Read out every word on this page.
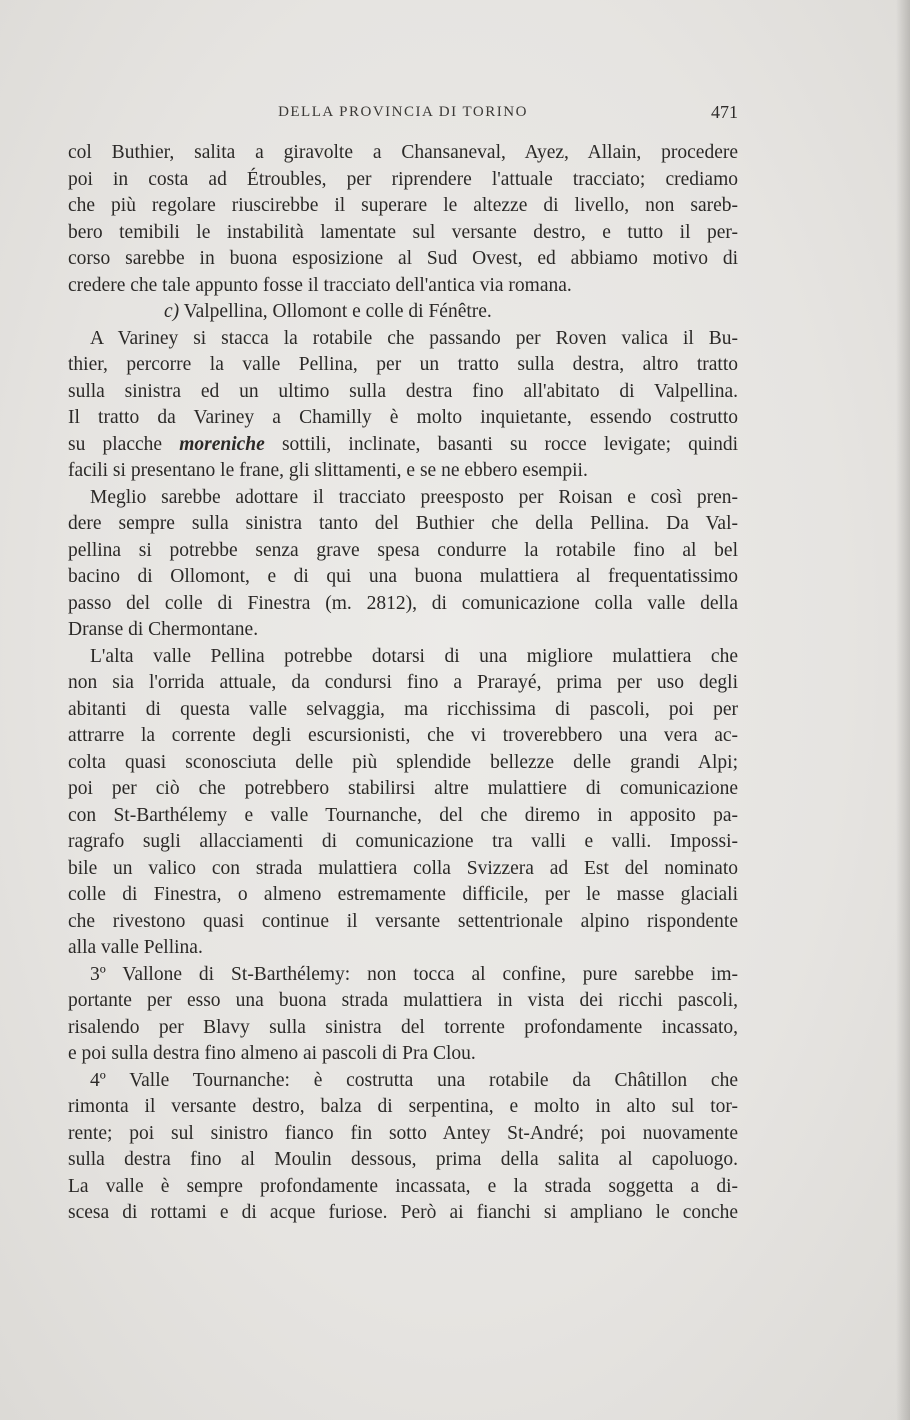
DELLA PROVINCIA DI TORINO	471
col Buthier, salita a giravolte a Chansaneval, Ayez, Allain, procedere
poi in costa ad Étroubles, per riprendere l'attuale tracciato; crediamo
che più regolare riuscirebbe il superare le altezze di livello, non sareb-
bero temibili le instabilità lamentate sul versante destro, e tutto il per-
corso sarebbe in buona esposizione al Sud Ovest, ed abbiamo motivo di
credere che tale appunto fosse il tracciato dell'antica via romana.
c) Valpellina, Ollomont e colle di Fénêtre.
A Variney si stacca la rotabile che passando per Roven valica il Bu-
thier, percorre la valle Pellina, per un tratto sulla destra, altro tratto
sulla sinistra ed un ultimo sulla destra fino all'abitato di Valpellina.
Il tratto da Variney a Chamilly è molto inquietante, essendo costrutto
su placche moreniche sottili, inclinate, basanti su rocce levigate; quindi
facili si presentano le frane, gli slittamenti, e se ne ebbero esempii.
Meglio sarebbe adottare il tracciato preesposto per Roisan e così pren-
dere sempre sulla sinistra tanto del Buthier che della Pellina. Da Val-
pellina si potrebbe senza grave spesa condurre la rotabile fino al bel
bacino di Ollomont, e di qui una buona mulattiera al frequentatissimo
passo del colle di Finestra (m. 2812), di comunicazione colla valle della
Dranse di Chermontane.
L'alta valle Pellina potrebbe dotarsi di una migliore mulattiera che
non sia l'orrida attuale, da condursi fino a Prarayé, prima per uso degli
abitanti di questa valle selvaggia, ma ricchissima di pascoli, poi per
attrarre la corrente degli escursionisti, che vi troverebbero una vera ac-
colta quasi sconosciuta delle più splendide bellezze delle grandi Alpi;
poi per ciò che potrebbero stabilirsi altre mulattiere di comunicazione
con St-Barthélemy e valle Tournanche, del che diremo in apposito pa-
ragrafo sugli allacciamenti di comunicazione tra valli e valli. Impossi-
bile un valico con strada mulattiera colla Svizzera ad Est del nominato
colle di Finestra, o almeno estremamente difficile, per le masse glaciali
che rivestono quasi continue il versante settentrionale alpino rispondente
alla valle Pellina.
3º Vallone di St-Barthélemy: non tocca al confine, pure sarebbe im-
portante per esso una buona strada mulattiera in vista dei ricchi pascoli,
risalendo per Blavy sulla sinistra del torrente profondamente incassato,
e poi sulla destra fino almeno ai pascoli di Pra Clou.
4º Valle Tournanche: è costrutta una rotabile da Châtillon che
rimonta il versante destro, balza di serpentina, e molto in alto sul tor-
rente; poi sul sinistro fianco fin sotto Antey St-André; poi nuovamente
sulla destra fino al Moulin dessous, prima della salita al capoluogo.
La valle è sempre profondamente incassata, e la strada soggetta a di-
scesa di rottami e di acque furiose. Però ai fianchi si ampliano le conche
